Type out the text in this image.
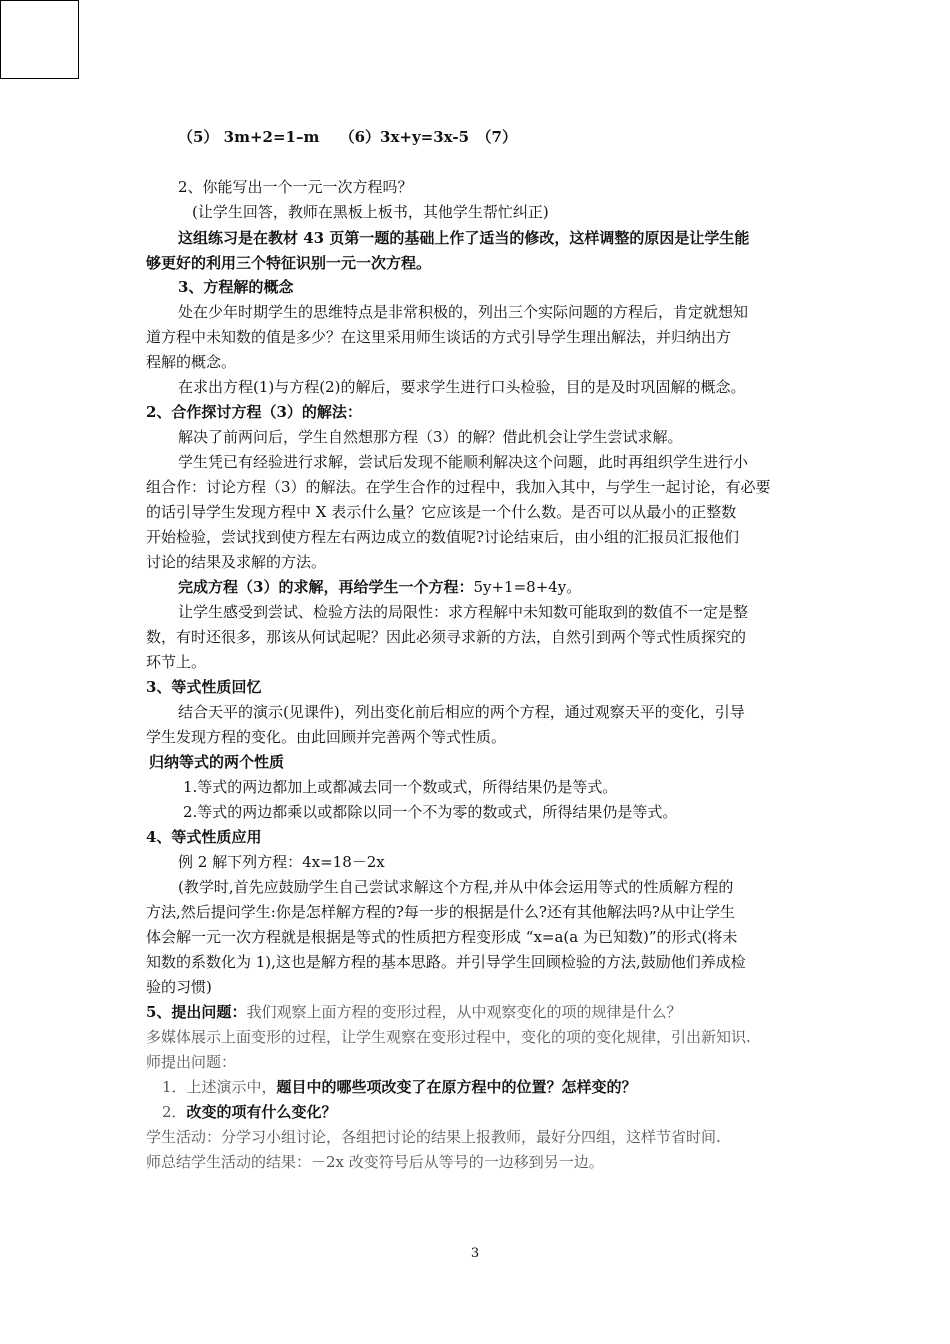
（5） 3m+2=1–m　 （6）3x+y=3x-5　（7）
2、你能写出一个一元一次方程吗？
(让学生回答，教师在黑板上板书，其他学生帮忙纠正)
这组练习是在教材 43 页第一题的基础上作了适当的修改，这样调整的原因是让学生能
够更好的利用三个特征识别一元一次方程。
3、方程解的概念
处在少年时期学生的思维特点是非常积极的，列出三个实际问题的方程后，肯定就想知
道方程中未知数的值是多少？在这里采用师生谈话的方式引导学生理出解法，并归纳出方
程解的概念。
在求出方程(1)与方程(2)的解后，要求学生进行口头检验，目的是及时巩固解的概念。
2、合作探讨方程（3）的解法：
解决了前两问后，学生自然想那方程（3）的解？借此机会让学生尝试求解。
学生凭已有经验进行求解，尝试后发现不能顺利解决这个问题，此时再组织学生进行小
组合作：讨论方程（3）的解法。在学生合作的过程中，我加入其中，与学生一起讨论，有必要
的话引导学生发现方程中 X 表示什么量？它应该是一个什么数。是否可以从最小的正整数
开始检验，尝试找到使方程左右两边成立的数值呢?讨论结束后，由小组的汇报员汇报他们
讨论的结果及求解的方法。
完成方程（3）的求解，再给学生一个方程：5y+1=8+4y。
让学生感受到尝试、检验方法的局限性：求方程解中未知数可能取到的数值不一定是整
数，有时还很多，那该从何试起呢？因此必须寻求新的方法，自然引到两个等式性质探究的
环节上。
3、等式性质回忆
结合天平的演示(见课件)，列出变化前后相应的两个方程，通过观察天平的变化，引导
学生发现方程的变化。由此回顾并完善两个等式性质。
归纳等式的两个性质
1.等式的两边都加上或都减去同一个数或式，所得结果仍是等式。
2.等式的两边都乘以或都除以同一个不为零的数或式，所得结果仍是等式。
4、等式性质应用
例 2 解下列方程：4x=18－2x
(教学时,首先应鼓励学生自己尝试求解这个方程,并从中体会运用等式的性质解方程的
方法,然后提问学生:你是怎样解方程的?每一步的根据是什么?还有其他解法吗?从中让学生
体会解一元一次方程就是根据是等式的性质把方程变形成 “x=a(a 为已知数)”的形式(将未
知数的系数化为 1),这也是解方程的基本思路。并引导学生回顾检验的方法,鼓励他们养成检
验的习惯)
5、提出问题：我们观察上面方程的变形过程，从中观察变化的项的规律是什么？
多媒体展示上面变形的过程，让学生观察在变形过程中，变化的项的变化规律，引出新知识.
师提出问题：
1．上述演示中，题目中的哪些项改变了在原方程中的位置？怎样变的？
2．改变的项有什么变化？
学生活动：分学习小组讨论，各组把讨论的结果上报教师，最好分四组，这样节省时间.
师总结学生活动的结果：－2x 改变符号后从等号的一边移到另一边。
3
